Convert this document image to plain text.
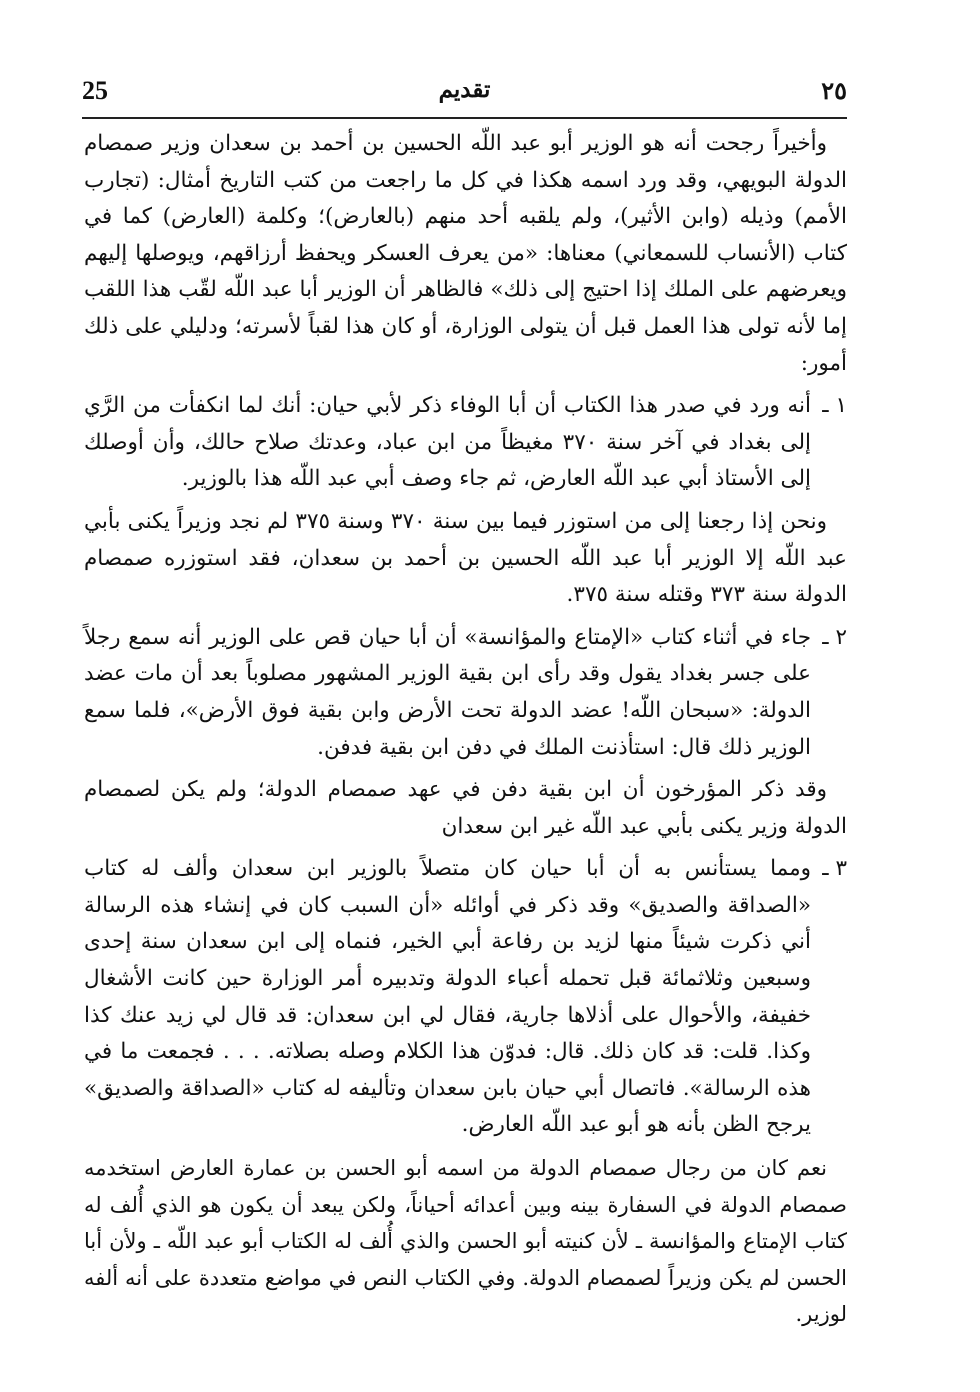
25	تقديم	٢٥

وأخيراً رجحت أنه هو الوزير أبو عبد اللّه الحسين بن أحمد بن سعدان وزير صمصام الدولة البويهي، وقد ورد اسمه هكذا في كل ما راجعت من كتب التاريخ أمثال: (تجارب الأمم) وذيله (وابن الأثير)، ولم يلقبه أحد منهم (بالعارض)؛ وكلمة (العارض) كما في كتاب (الأنساب للسمعاني) معناها: «من يعرف العسكر ويحفظ أرزاقهم، ويوصلها إليهم ويعرضهم على الملك إذا احتيج إلى ذلك» فالظاهر أن الوزير أبا عبد اللّه لقّب هذا اللقب إما لأنه تولى هذا العمل قبل أن يتولى الوزارة، أو كان هذا لقباً لأسرته؛ ودليلي على ذلك أمور:

١ ـ
أنه ورد في صدر هذا الكتاب أن أبا الوفاء ذكر لأبي حيان: أنك لما انكفأت من الرَّي إلى بغداد في آخر سنة ٣٧٠ مغيظاً من ابن عباد، وعدتك صلاح حالك، وأن أوصلك إلى الأستاذ أبي عبد اللّه العارض، ثم جاء وصف أبي عبد اللّه هذا بالوزير.

ونحن إذا رجعنا إلى من استوزر فيما بين سنة ٣٧٠ وسنة ٣٧٥ لم نجد وزيراً يكنى بأبي عبد اللّه إلا الوزير أبا عبد اللّه الحسين بن أحمد بن سعدان، فقد استوزره صمصام الدولة سنة ٣٧٣ وقتله سنة ٣٧٥.

٢ ـ
جاء في أثناء كتاب «الإمتاع والمؤانسة» أن أبا حيان قص على الوزير أنه سمع رجلاً على جسر بغداد يقول وقد رأى ابن بقية الوزير المشهور مصلوباً بعد أن مات عضد الدولة: «سبحان اللّه! عضد الدولة تحت الأرض وابن بقية فوق الأرض»، فلما سمع الوزير ذلك قال: استأذنت الملك في دفن ابن بقية فدفن.

وقد ذكر المؤرخون أن ابن بقية دفن في عهد صمصام الدولة؛ ولم يكن لصمصام الدولة وزير يكنى بأبي عبد اللّه غير ابن سعدان

٣ ـ
ومما يستأنس به أن أبا حيان كان متصلاً بالوزير ابن سعدان وألف له كتاب «الصداقة والصديق» وقد ذكر في أوائله «أن السبب كان في إنشاء هذه الرسالة أني ذكرت شيئاً منها لزيد بن رفاعة أبي الخير، فنماه إلى ابن سعدان سنة إحدى وسبعين وثلاثمائة قبل تحمله أعباء الدولة وتدبيره أمر الوزارة حين كانت الأشغال خفيفة، والأحوال على أذلاها جارية، فقال لي ابن سعدان: قد قال لي زيد عنك كذا وكذا. قلت: قد كان ذلك. قال: فدوّن هذا الكلام وصله بصلاته. . . . فجمعت ما في هذه الرسالة». فاتصال أبي حيان بابن سعدان وتأليفه له كتاب «الصداقة والصديق» يرجح الظن بأنه هو أبو عبد اللّه العارض.

نعم كان من رجال صمصام الدولة من اسمه أبو الحسن بن عمارة العارض استخدمه صمصام الدولة في السفارة بينه وبين أعدائه أحياناً، ولكن يبعد أن يكون هو الذي أُلف له كتاب الإمتاع والمؤانسة ـ لأن كنيته أبو الحسن والذي أُلف له الكتاب أبو عبد اللّه ـ ولأن أبا الحسن لم يكن وزيراً لصمصام الدولة. وفي الكتاب النص في مواضع متعددة على أنه ألفه لوزير.
